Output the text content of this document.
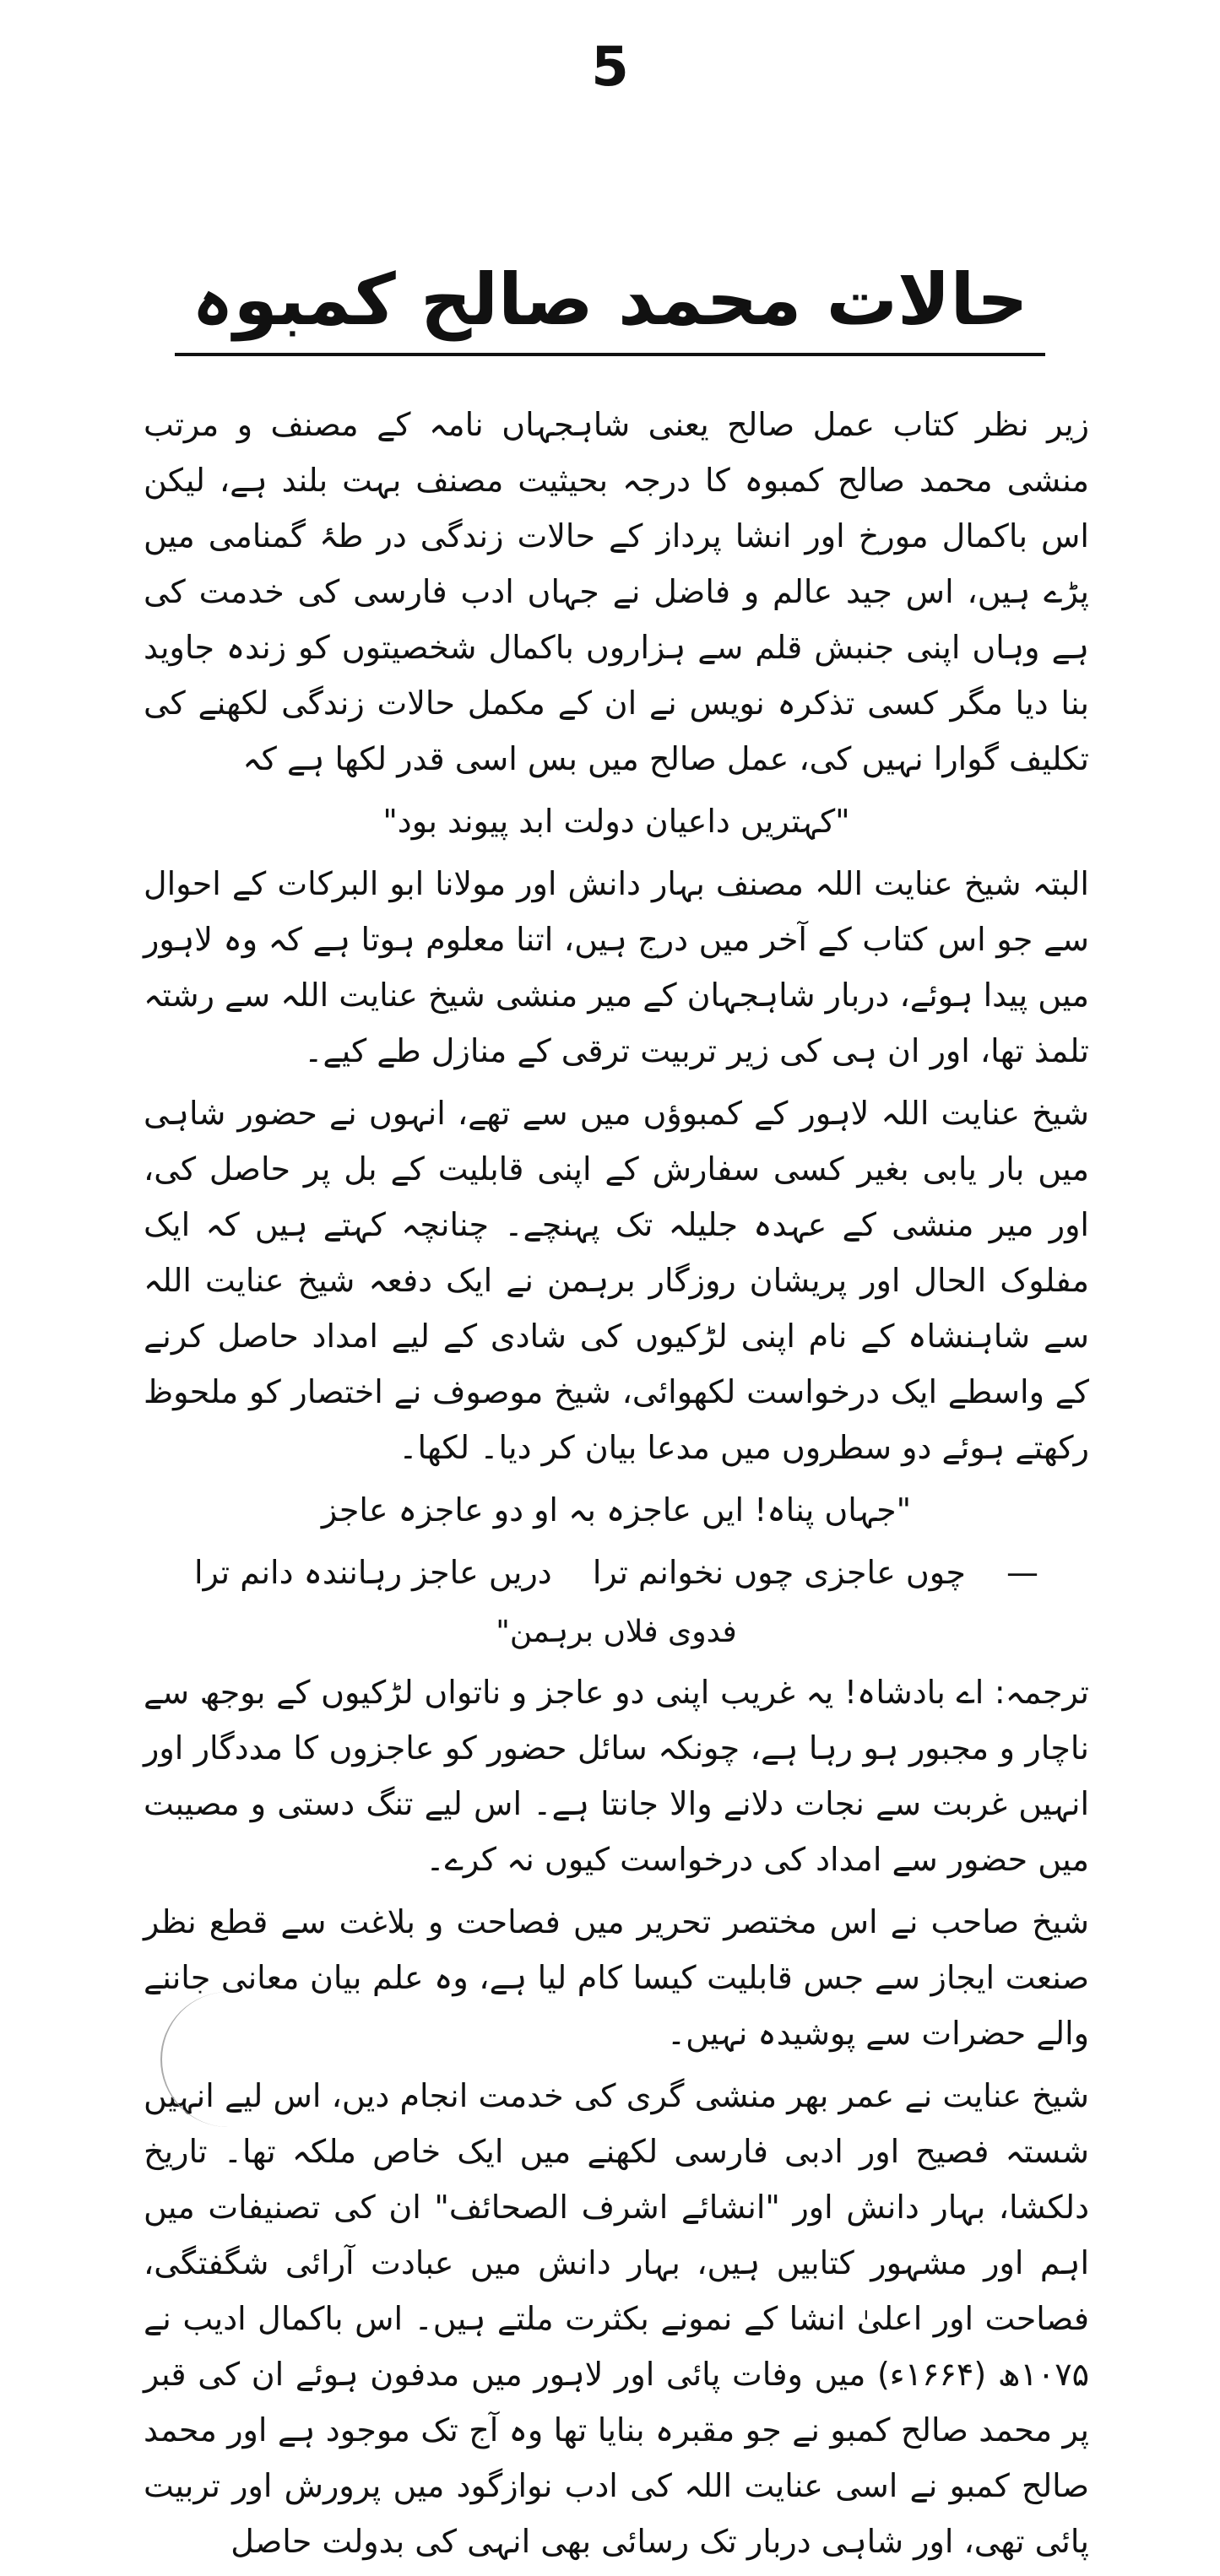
5
حالات محمد صالح کمبوہ

زیر نظر کتاب عمل صالح یعنی شاہجہاں نامہ کے مصنف و مرتب منشی محمد صالح کمبوہ کا درجہ بحیثیت مصنف بہت بلند ہے، لیکن اس باکمال مورخ اور انشا پرداز کے حالات زندگی در طۂ گمنامی میں پڑے ہیں، اس جید عالم و فاضل نے جہاں ادب فارسی کی خدمت کی ہے وہاں اپنی جنبش قلم سے ہزاروں باکمال شخصیتوں کو زندہ جاوید بنا دیا مگر کسی تذکرہ نویس نے ان کے مکمل حالات زندگی لکھنے کی تکلیف گوارا نہیں کی، عمل صالح میں بس اسی قدر لکھا ہے کہ

"کہتریں داعیان دولت ابد پیوند بود"

البتہ شیخ عنایت اللہ مصنف بہار دانش اور مولانا ابو البرکات کے احوال سے جو اس کتاب کے آخر میں درج ہیں، اتنا معلوم ہوتا ہے کہ وہ لاہور میں پیدا ہوئے، دربار شاہجہان کے میر منشی شیخ عنایت اللہ سے رشتہ تلمذ تھا، اور ان ہی کی زیر تربیت ترقی کے منازل طے کیے۔

شیخ عنایت اللہ لاہور کے کمبوؤں میں سے تھے، انہوں نے حضور شاہی میں بار یابی بغیر کسی سفارش کے اپنی قابلیت کے بل پر حاصل کی، اور میر منشی کے عہدہ جلیلہ تک پہنچے۔ چنانچہ کہتے ہیں کہ ایک مفلوک الحال اور پریشان روزگار برہمن نے ایک دفعہ شیخ عنایت اللہ سے شاہنشاہ کے نام اپنی لڑکیوں کی شادی کے لیے امداد حاصل کرنے کے واسطے ایک درخواست لکھوائی، شیخ موصوف نے اختصار کو ملحوظ رکھتے ہوئے دو سطروں میں مدعا بیان کر دیا۔ لکھا۔

"جہاں پناہ! ایں عاجزہ بہ او دو عاجزہ عاجز

—
چوں عاجزی چوں نخوانم ترا
دریں عاجز رہانندہ دانم ترا

فدوی فلاں برہمن"

ترجمہ: اے بادشاہ! یہ غریب اپنی دو عاجز و ناتواں لڑکیوں کے بوجھ سے ناچار و مجبور ہو رہا ہے، چونکہ سائل حضور کو عاجزوں کا مددگار اور انہیں غربت سے نجات دلانے والا جانتا ہے۔ اس لیے تنگ دستی و مصیبت میں حضور سے امداد کی درخواست کیوں نہ کرے۔

شیخ صاحب نے اس مختصر تحریر میں فصاحت و بلاغت سے قطع نظر صنعت ایجاز سے جس قابلیت کیسا کام لیا ہے، وہ علم بیان معانی جاننے والے حضرات سے پوشیدہ نہیں۔

شیخ عنایت نے عمر بھر منشی گری کی خدمت انجام دیں، اس لیے انہیں شستہ فصیح اور ادبی فارسی لکھنے میں ایک خاص ملکہ تھا۔ تاریخ دلکشا، بہار دانش اور "انشائے اشرف الصحائف" ان کی تصنیفات میں اہم اور مشہور کتابیں ہیں، بہار دانش میں عبادت آرائی شگفتگی، فصاحت اور اعلیٰ انشا کے نمونے بکثرت ملتے ہیں۔ اس باکمال ادیب نے ۱۰۷۵ھ (۱۶۶۴ء) میں وفات پائی اور لاہور میں مدفون ہوئے ان کی قبر پر محمد صالح کمبو نے جو مقبرہ بنایا تھا وہ آج تک موجود ہے اور محمد صالح کمبو نے اسی عنایت اللہ کی ادب نوازگود میں پرورش اور تربیت پائی تھی، اور شاہی دربار تک رسائی بھی انہی کی بدولت حاصل
